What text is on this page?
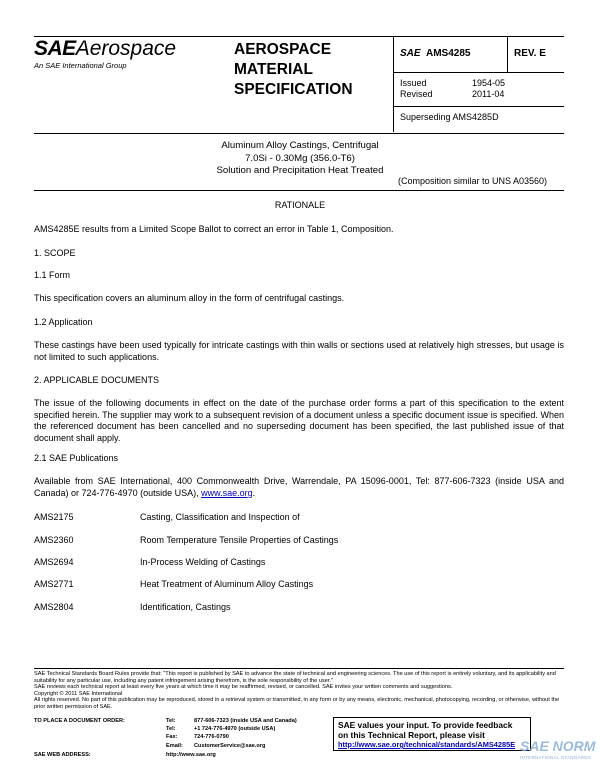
SAEAerospace
An SAE International Group
AEROSPACE
MATERIAL
SPECIFICATION
SAE AMS4285	REV. E
Issued	1954-05
Revised	2011-04
Superseding AMS4285D
Aluminum Alloy Castings, Centrifugal
7.0Si - 0.30Mg (356.0-T6)
Solution and Precipitation Heat Treated
(Composition similar to UNS A03560)
RATIONALE
AMS4285E results from a Limited Scope Ballot to correct an error in Table 1, Composition.
1. SCOPE
1.1 Form
This specification covers an aluminum alloy in the form of centrifugal castings.
1.2 Application
These castings have been used typically for intricate castings with thin walls or sections used at relatively high stresses, but usage is not limited to such applications.
2. APPLICABLE DOCUMENTS
The issue of the following documents in effect on the date of the purchase order forms a part of this specification to the extent specified herein. The supplier may work to a subsequent revision of a document unless a specific document issue is specified. When the referenced document has been cancelled and no superseding document has been specified, the last published issue of that document shall apply.
2.1 SAE Publications
Available from SAE International, 400 Commonwealth Drive, Warrendale, PA 15096-0001, Tel: 877-606-7323 (inside USA and Canada) or 724-776-4970 (outside USA), www.sae.org.
AMS2175	Casting, Classification and Inspection of
AMS2360	Room Temperature Tensile Properties of Castings
AMS2694	In-Process Welding of Castings
AMS2771	Heat Treatment of Aluminum Alloy Castings
AMS2804	Identification, Castings
SAE Technical Standards Board Rules provide that: "This report is published by SAE to advance the state of technical and engineering sciences. The use of this report is entirely voluntary, and its applicability and suitability for any particular use, including any patent infringement arising therefrom, is the sole responsibility of the user."
SAE reviews each technical report at least every five years at which time it may be reaffirmed, revised, or cancelled. SAE invites your written comments and suggestions.
Copyright © 2011 SAE International
All rights reserved. No part of this publication may be reproduced, stored in a retrieval system or transmitted, in any form or by any means, electronic, mechanical, photocopying, recording, or otherwise, without the prior written permission of SAE.
TO PLACE A DOCUMENT ORDER:	Tel:	877-606-7323 (inside USA and Canada)
Tel:	+1 724-776-4970 (outside USA)
Fax:	724-776-0790
Email: CustomerService@sae.org
SAE WEB ADDRESS:	http://www.sae.org
SAE values your input. To provide feedback
on this Technical Report, please visit
http://www.sae.org/technical/standards/AMS4285E SAE NORM
INTERNATIONAL STANDARDS
